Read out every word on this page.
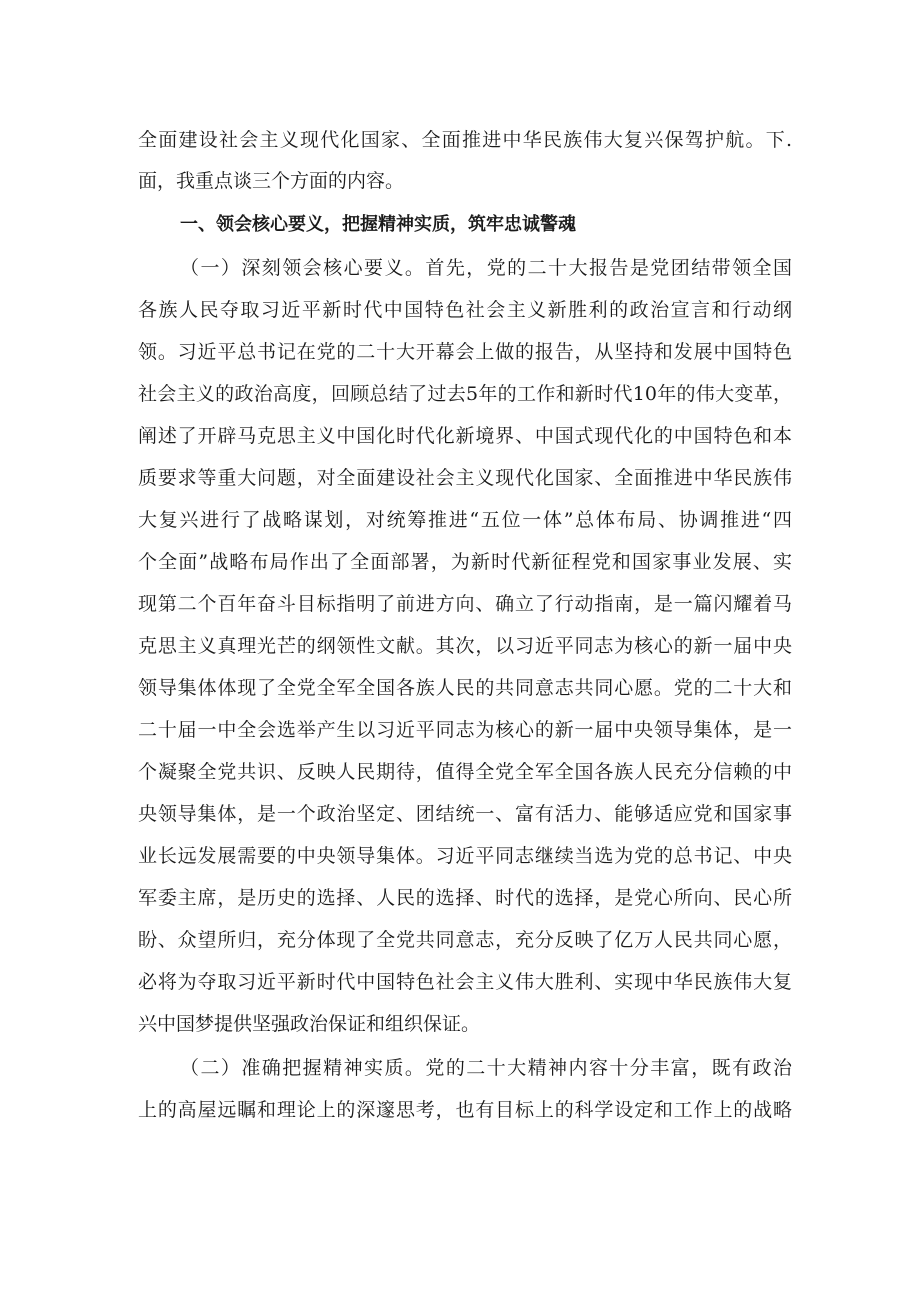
全面建设社会主义现代化国家、全面推进中华民族伟大复兴保驾护航。下.
面，我重点谈三个方面的内容。
一、领会核心要义，把握精神实质，筑牢忠诚警魂
（一）深刻领会核心要义。首先，党的二十大报告是党团结带领全国
各族人民夺取习近平新时代中国特色社会主义新胜利的政治宣言和行动纲
领。习近平总书记在党的二十大开幕会上做的报告，从坚持和发展中国特色
社会主义的政治高度，回顾总结了过去5年的工作和新时代10年的伟大变革，
阐述了开辟马克思主义中国化时代化新境界、中国式现代化的中国特色和本
质要求等重大问题，对全面建设社会主义现代化国家、全面推进中华民族伟
大复兴进行了战略谋划，对统筹推进“五位一体”总体布局、协调推进“四
个全面”战略布局作出了全面部署，为新时代新征程党和国家事业发展、实
现第二个百年奋斗目标指明了前进方向、确立了行动指南，是一篇闪耀着马
克思主义真理光芒的纲领性文献。其次，以习近平同志为核心的新一届中央
领导集体体现了全党全军全国各族人民的共同意志共同心愿。党的二十大和
二十届一中全会选举产生以习近平同志为核心的新一届中央领导集体，是一
个凝聚全党共识、反映人民期待，值得全党全军全国各族人民充分信赖的中
央领导集体，是一个政治坚定、团结统一、富有活力、能够适应党和国家事
业长远发展需要的中央领导集体。习近平同志继续当选为党的总书记、中央
军委主席，是历史的选择、人民的选择、时代的选择，是党心所向、民心所
盼、众望所归，充分体现了全党共同意志，充分反映了亿万人民共同心愿，
必将为夺取习近平新时代中国特色社会主义伟大胜利、实现中华民族伟大复
兴中国梦提供坚强政治保证和组织保证。
（二）准确把握精神实质。党的二十大精神内容十分丰富，既有政治
上的高屋远瞩和理论上的深邃思考，也有目标上的科学设定和工作上的战略
